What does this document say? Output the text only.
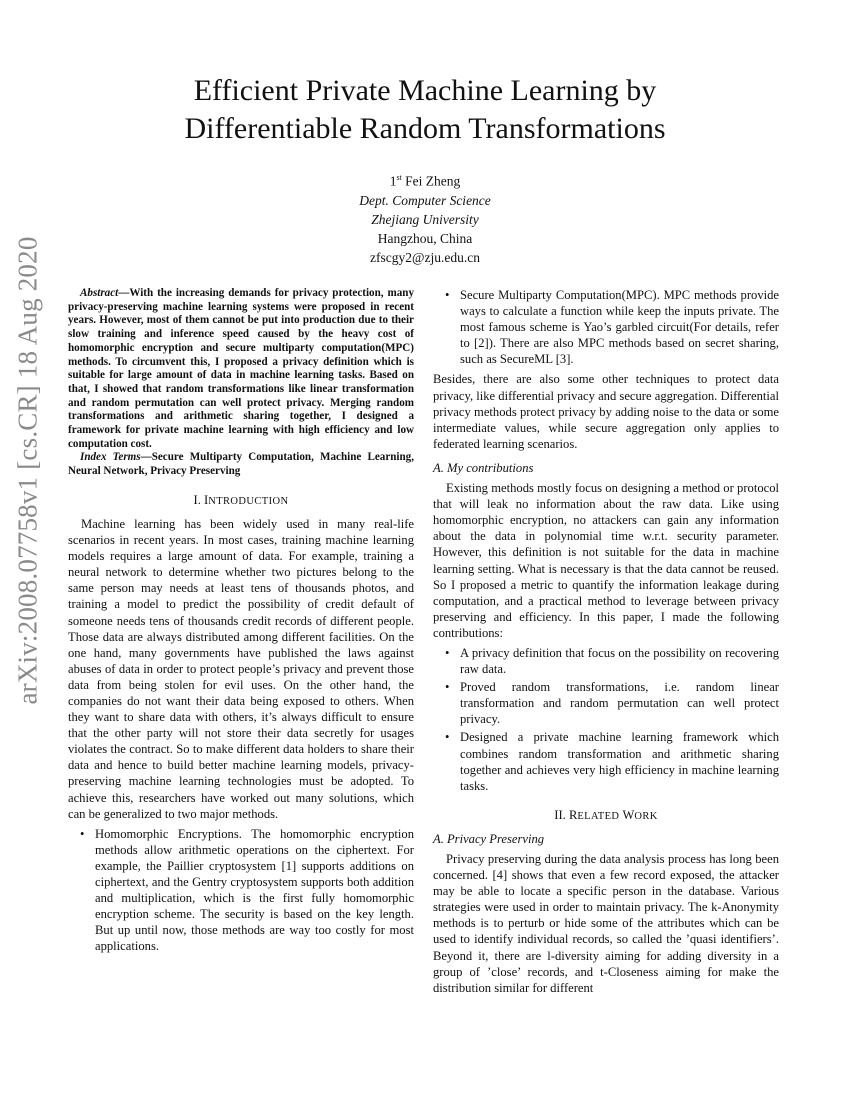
arXiv:2008.07758v1 [cs.CR] 18 Aug 2020
Efficient Private Machine Learning by
Differentiable Random Transformations
1st Fei Zheng
Dept. Computer Science
Zhejiang University
Hangzhou, China
zfscgy2@zju.edu.cn

Abstract—With the increasing demands for privacy protection, many privacy-preserving machine learning systems were proposed in recent years. However, most of them cannot be put into production due to their slow training and inference speed caused by the heavy cost of homomorphic encryption and secure multiparty computation(MPC) methods. To circumvent this, I proposed a privacy definition which is suitable for large amount of data in machine learning tasks. Based on that, I showed that random transformations like linear transformation and random permutation can well protect privacy. Merging random transformations and arithmetic sharing together, I designed a framework for private machine learning with high efficiency and low computation cost.

Index Terms—Secure Multiparty Computation, Machine Learning, Neural Network, Privacy Preserving

I. INTRODUCTION

Machine learning has been widely used in many real-life scenarios in recent years. In most cases, training machine learning models requires a large amount of data. For example, training a neural network to determine whether two pictures belong to the same person may needs at least tens of thousands photos, and training a model to predict the possibility of credit default of someone needs tens of thousands credit records of different people. Those data are always distributed among different facilities. On the one hand, many governments have published the laws against abuses of data in order to protect people’s privacy and prevent those data from being stolen for evil uses. On the other hand, the companies do not want their data being exposed to others. When they want to share data with others, it’s always difficult to ensure that the other party will not store their data secretly for usages violates the contract. So to make different data holders to share their data and hence to build better machine learning models, privacy-preserving machine learning technologies must be adopted. To achieve this, researchers have worked out many solutions, which can be generalized to two major methods.

• Homomorphic Encryptions. The homomorphic encryption methods allow arithmetic operations on the ciphertext. For example, the Paillier cryptosystem [1] supports additions on ciphertext, and the Gentry cryptosystem supports both addition and multiplication, which is the first fully homomorphic encryption scheme. The security is based on the key length. But up until now, those methods are way too costly for most applications.
• Secure Multiparty Computation(MPC). MPC methods provide ways to calculate a function while keep the inputs private. The most famous scheme is Yao’s garbled circuit(For details, refer to [2]). There are also MPC methods based on secret sharing, such as SecureML [3].

Besides, there are also some other techniques to protect data privacy, like differential privacy and secure aggregation. Differential privacy methods protect privacy by adding noise to the data or some intermediate values, while secure aggregation only applies to federated learning scenarios.

A. My contributions

Existing methods mostly focus on designing a method or protocol that will leak no information about the raw data. Like using homomorphic encryption, no attackers can gain any information about the data in polynomial time w.r.t. security parameter. However, this definition is not suitable for the data in machine learning setting. What is necessary is that the data cannot be reused. So I proposed a metric to quantify the information leakage during computation, and a practical method to leverage between privacy preserving and efficiency. In this paper, I made the following contributions:

• A privacy definition that focus on the possibility on recovering raw data.
• Proved random transformations, i.e. random linear transformation and random permutation can well protect privacy.
• Designed a private machine learning framework which combines random transformation and arithmetic sharing together and achieves very high efficiency in machine learning tasks.
II. RELATED WORK
A. Privacy Preserving

Privacy preserving during the data analysis process has long been concerned. [4] shows that even a few record exposed, the attacker may be able to locate a specific person in the database. Various strategies were used in order to maintain privacy. The k-Anonymity methods is to perturb or hide some of the attributes which can be used to identify individual records, so called the ’quasi identifiers’. Beyond it, there are l-diversity aiming for adding diversity in a group of ’close’ records, and t-Closeness aiming for make the distribution similar for different
